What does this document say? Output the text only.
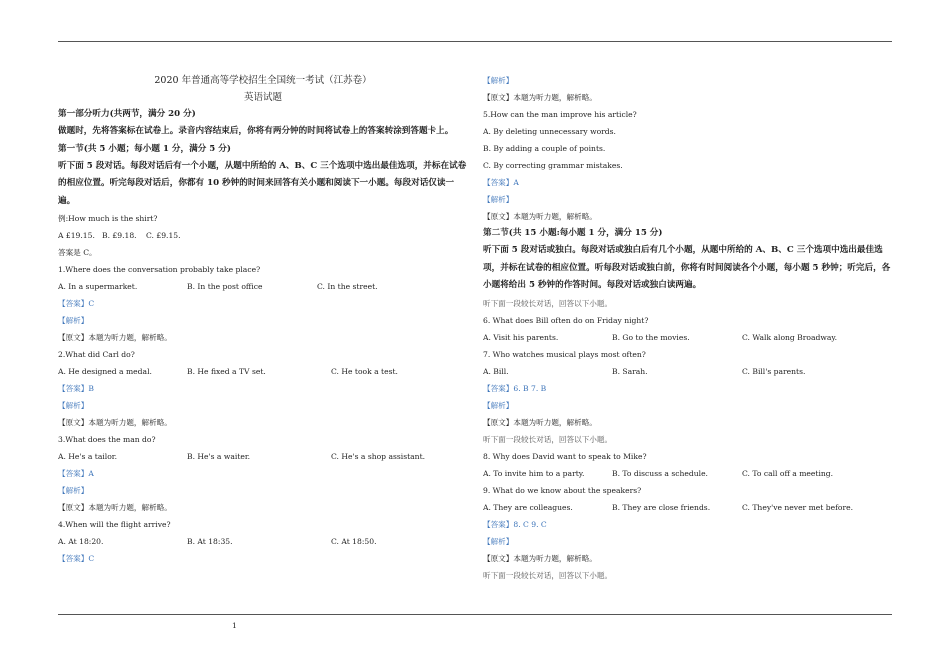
2020 年普通高等学校招生全国统一考试（江苏卷）
英语试题
第一部分听力(共两节，满分 20 分)
做题时，先将答案标在试卷上。录音内容结束后，你将有两分钟的时间将试卷上的答案转涂到答题卡上。
第一节(共 5 小题；每小题 1 分，满分 5 分)
听下面 5 段对话。每段对话后有一个小题，从题中所给的 A、B、C 三个选项中选出最佳选项，并标在试卷的相应位置。听完每段对话后，你都有 10 秒钟的时间来回答有关小题和阅读下一小题。每段对话仅读一遍。
例:How much is the shirt?
A £19.15. B. £9.18. C. £9.15.
答案是 C。
1.Where does the conversation probably take place?
A. In a supermarket.	B. In the post office	C. In the street.
【答案】C
【解析】
【原文】本题为听力题，解析略。
2.What did Carl do?
A. He designed a medal.	B. He fixed a TV set.	C. He took a test.
【答案】B
【解析】
【原文】本题为听力题，解析略。
3.What does the man do?
A. He's a tailor.	B. He's a waiter.	C. He's a shop assistant.
【答案】A
【解析】
【原文】本题为听力题，解析略。
4.When will the flight arrive?
A. At 18:20.	B. At 18:35.	C. At 18:50.
【答案】C
【解析】
【原文】本题为听力题，解析略。
5.How can the man improve his article?
A. By deleting unnecessary words.
B. By adding a couple of points.
C. By correcting grammar mistakes.
【答案】A
【解析】
【原文】本题为听力题，解析略。
第二节(共 15 小题:每小题 1 分，满分 15 分)
听下面 5 段对话或独白。每段对话或独白后有几个小题，从题中所给的 A、B、C 三个选项中选出最佳选项，并标在试卷的相应位置。听每段对话或独白前，你将有时间阅读各个小题，每小题 5 秒钟；听完后，各小题将给出 5 秒钟的作答时间。每段对话或独白读两遍。
听下面一段较长对话，回答以下小题。
6. What does Bill often do on Friday night?
A. Visit his parents.	B. Go to the movies.	C. Walk along Broadway.
7. Who watches musical plays most often?
A. Bill.	B. Sarah.	C. Bill's parents.
【答案】6. B 7. B
【解析】
【原文】本题为听力题，解析略。
听下面一段较长对话，回答以下小题。
8. Why does David want to speak to Mike?
A. To invite him to a party.	B. To discuss a schedule.	C. To call off a meeting.
9. What do we know about the speakers?
A. They are colleagues.	B. They are close friends.	C. They've never met before.
【答案】8. C 9. C
【解析】
【原文】本题为听力题，解析略。
听下面一段较长对话，回答以下小题。
1
